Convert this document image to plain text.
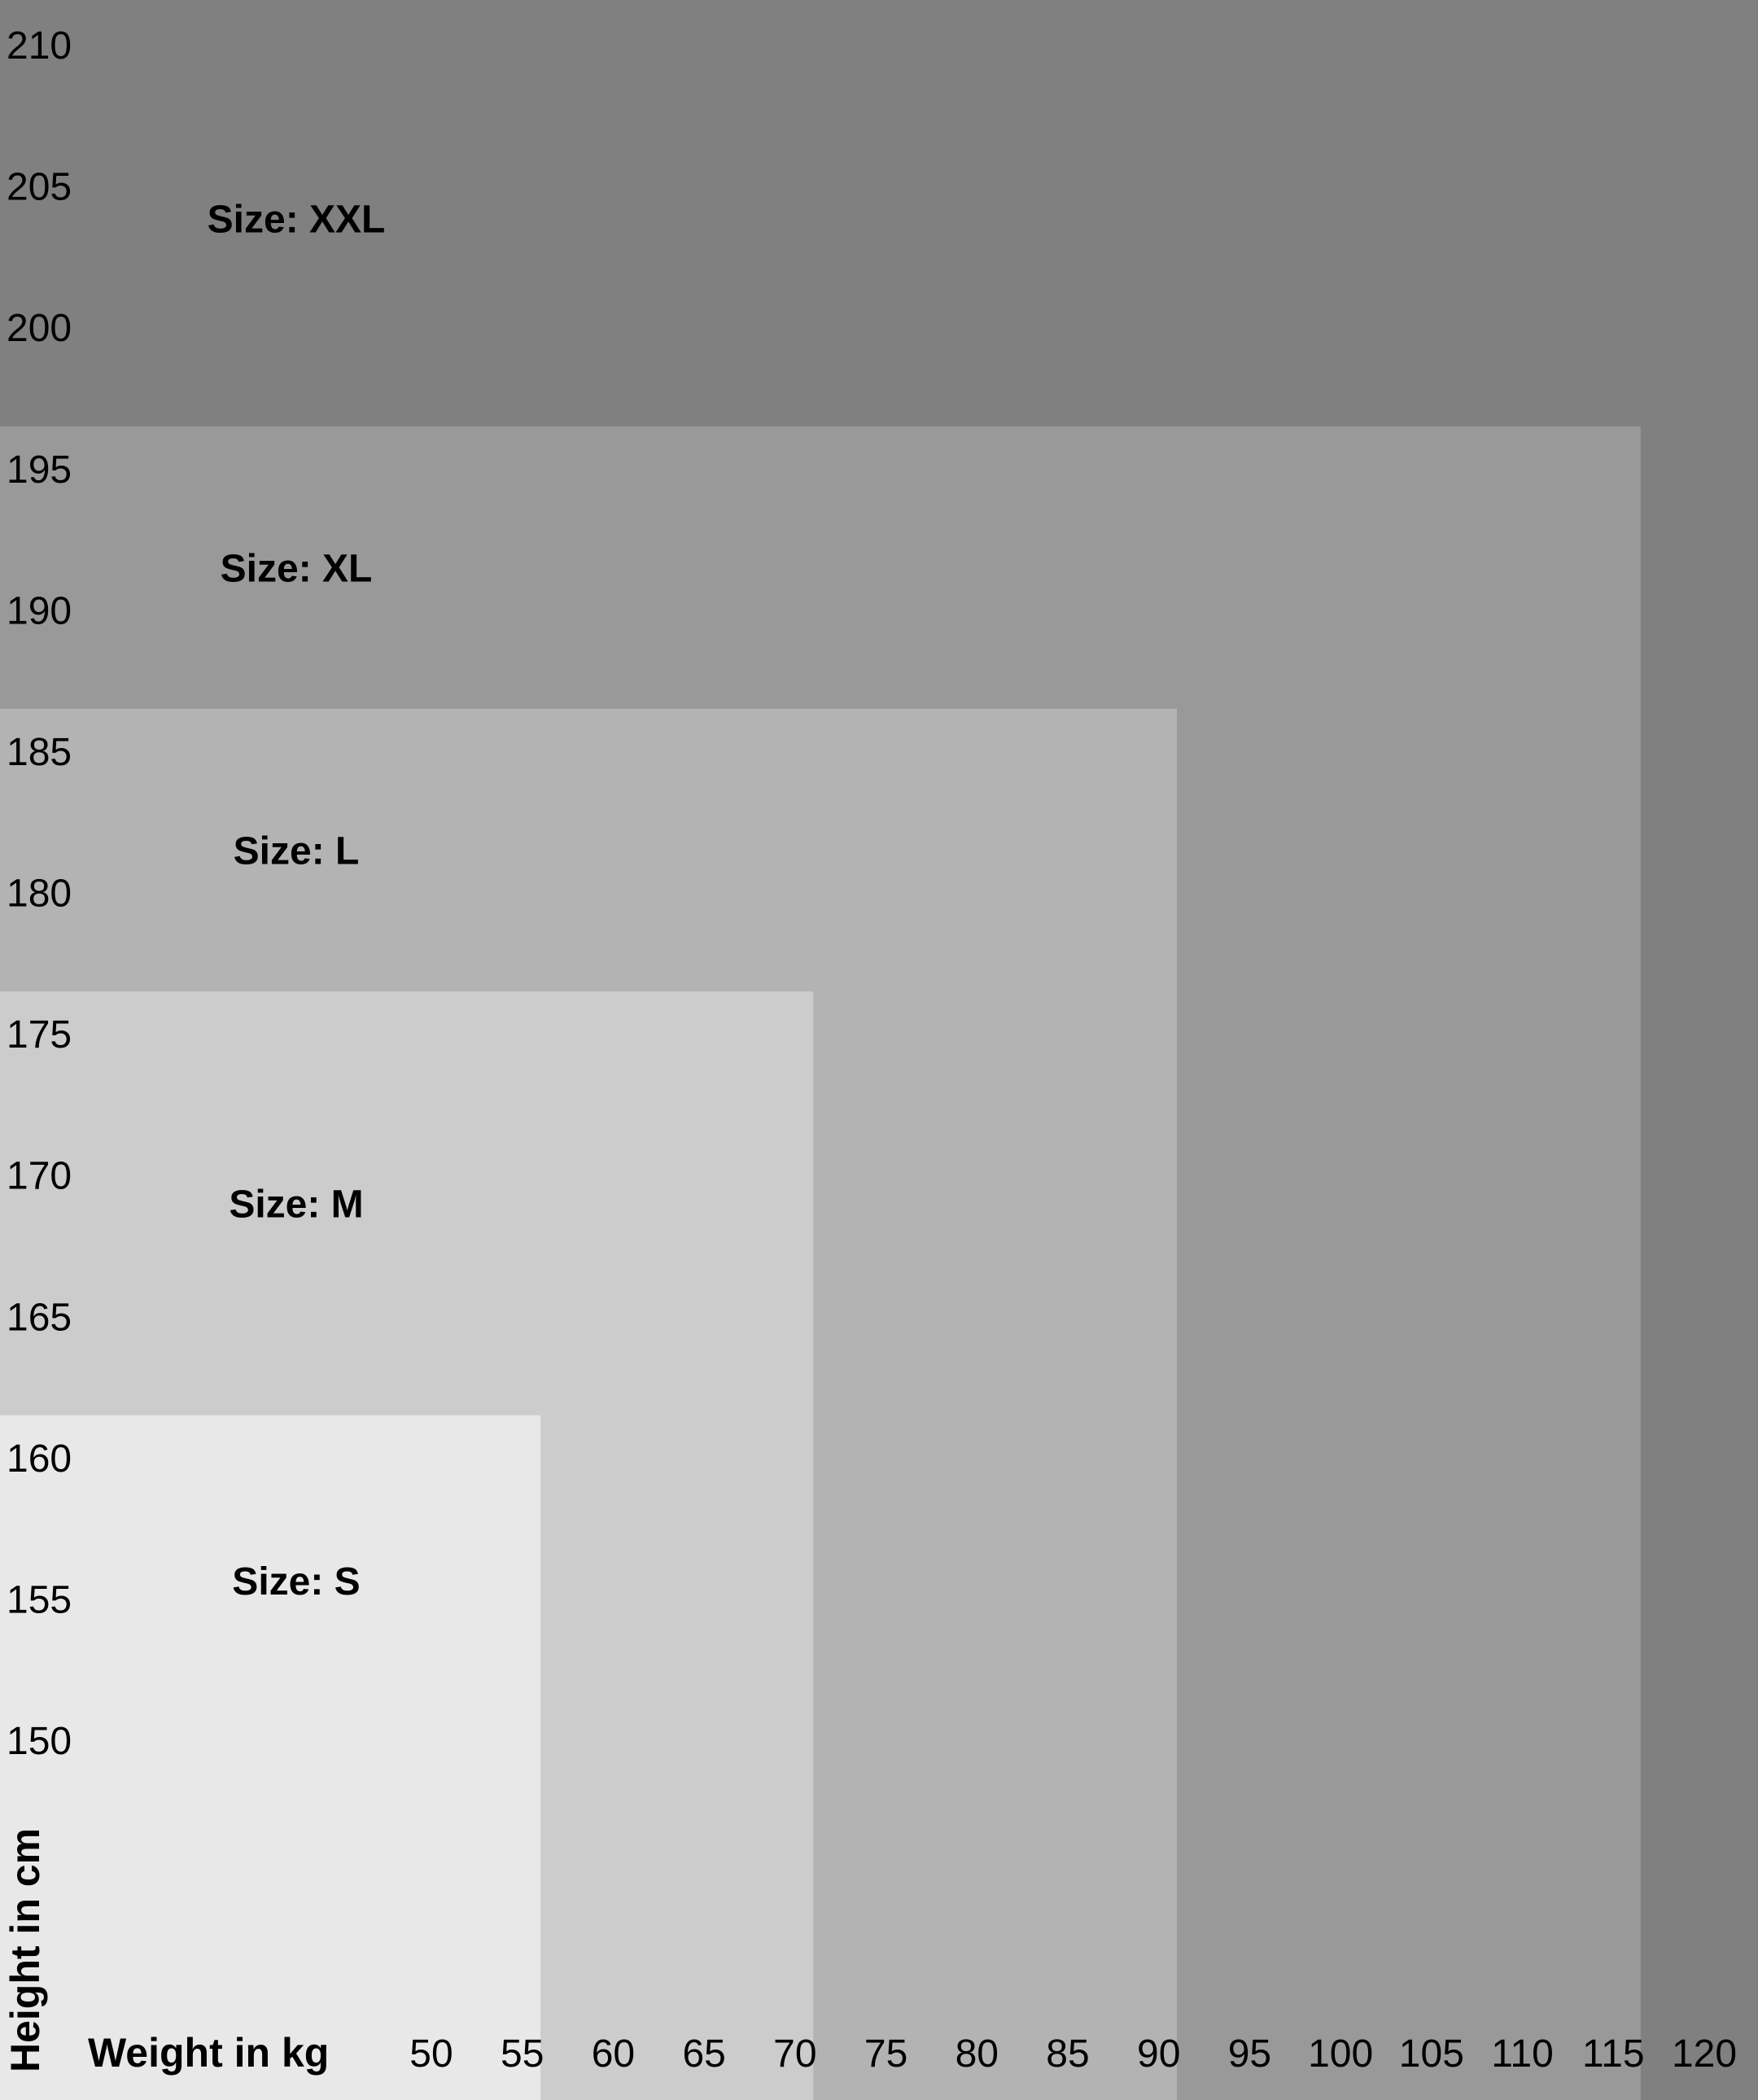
Size: XXL
Size: XL
Size: L
Size: M
Size: S
210
205
200
195
190
185
180
175
170
165
160
155
150
50 55 60 65 70 75 80 85 90 95 100 105 110 115 120
Weight in kg
Height in cm
